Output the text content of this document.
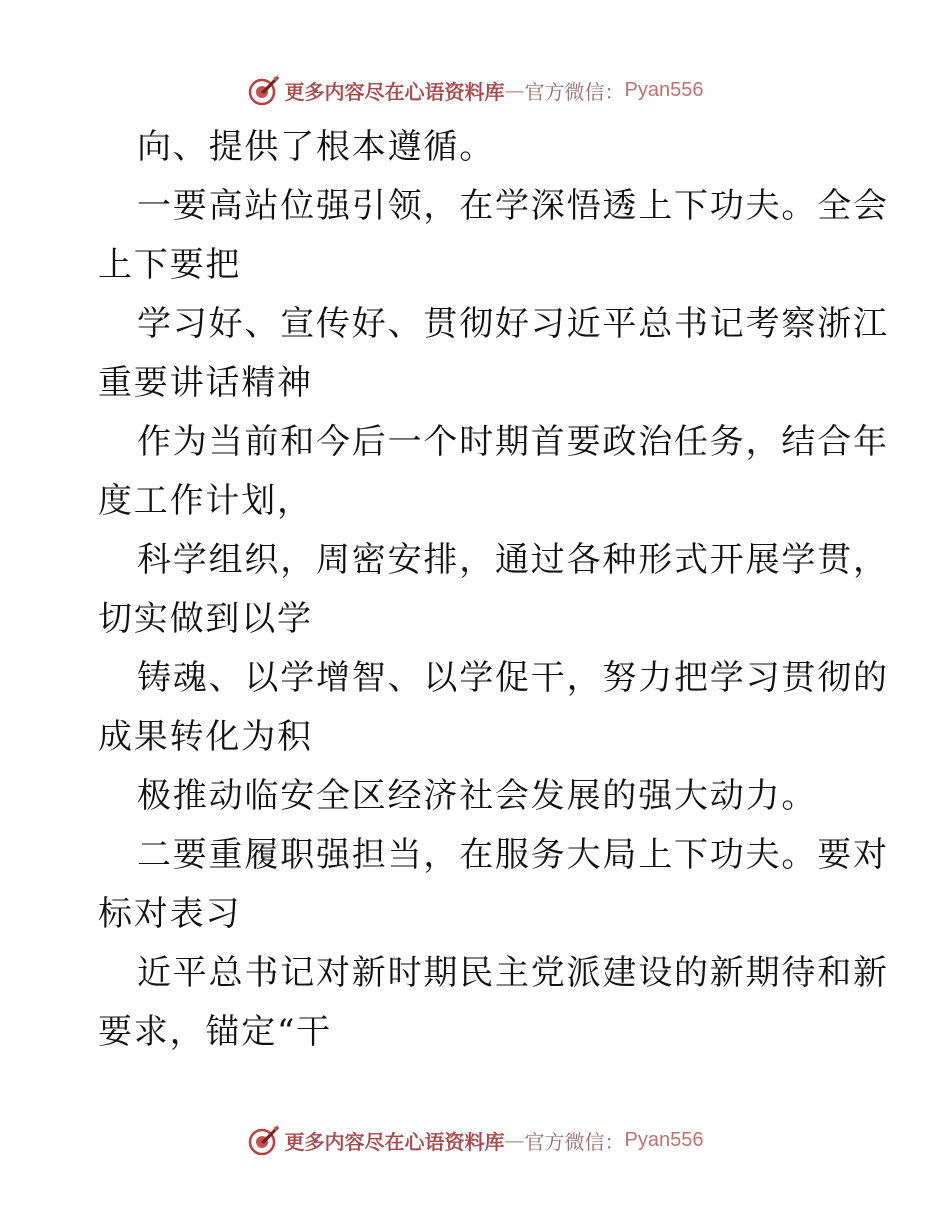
更多内容尽在心语资料库 — 官方微信： Pyan556
向、提供了根本遵循。
一要高站位强引领，在学深悟透上下功夫。全会
上下要把
学习好、宣传好、贯彻好习近平总书记考察浙江
重要讲话精神
作为当前和今后一个时期首要政治任务，结合年
度工作计划，
科学组织，周密安排，通过各种形式开展学贯，
切实做到以学
铸魂、以学增智、以学促干，努力把学习贯彻的
成果转化为积
极推动临安全区经济社会发展的强大动力。
二要重履职强担当，在服务大局上下功夫。要对
标对表习
近平总书记对新时期民主党派建设的新期待和新
要求，锚定“干
更多内容尽在心语资料库 — 官方微信： Pyan556
